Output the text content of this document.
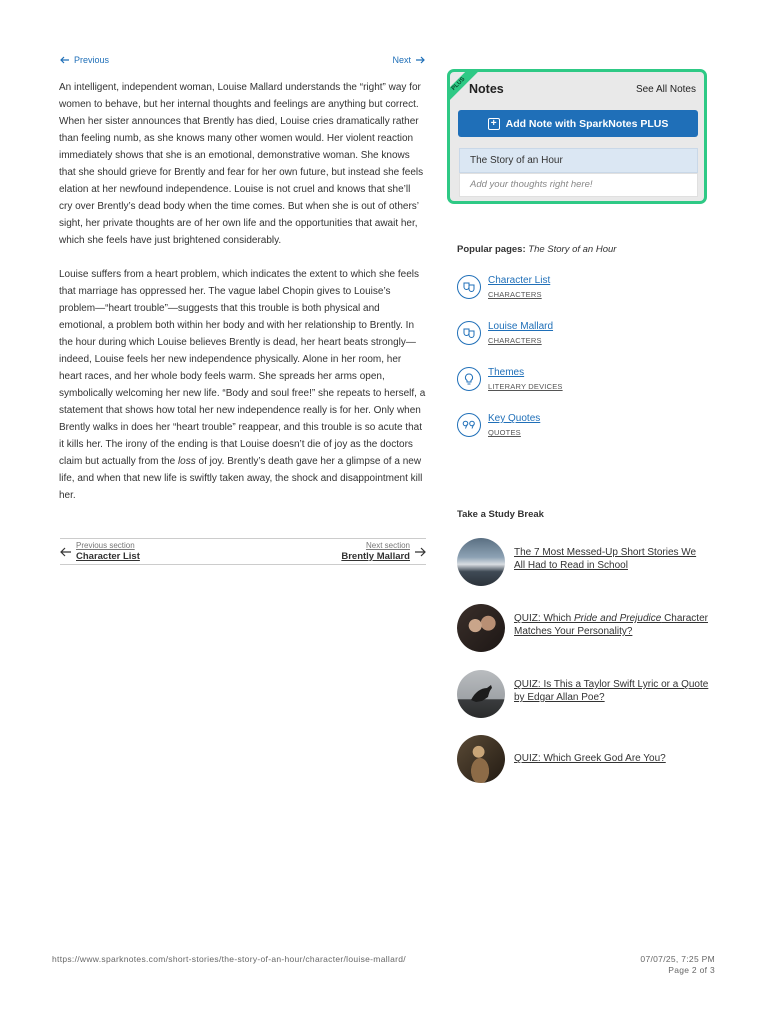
Previous	Next

An intelligent, independent woman, Louise Mallard understands the “right” way for women to behave, but her internal thoughts and feelings are anything but correct. When her sister announces that Brently has died, Louise cries dramatically rather than feeling numb, as she knows many other women would. Her violent reaction immediately shows that she is an emotional, demonstrative woman. She knows that she should grieve for Brently and fear for her own future, but instead she feels elation at her newfound independence. Louise is not cruel and knows that she’ll cry over Brently’s dead body when the time comes. But when she is out of others’ sight, her private thoughts are of her own life and the opportunities that await her, which she feels have just brightened considerably.

Louise suffers from a heart problem, which indicates the extent to which she feels that marriage has oppressed her. The vague label Chopin gives to Louise’s problem—“heart trouble”—suggests that this trouble is both physical and emotional, a problem both within her body and with her relationship to Brently. In the hour during which Louise believes Brently is dead, her heart beats strongly—indeed, Louise feels her new independence physically. Alone in her room, her heart races, and her whole body feels warm. She spreads her arms open, symbolically welcoming her new life. “Body and soul free!” she repeats to herself, a statement that shows how total her new independence really is for her. Only when Brently walks in does her “heart trouble” reappear, and this trouble is so acute that it kills her. The irony of the ending is that Louise doesn’t die of joy as the doctors claim but actually from the loss of joy. Brently’s death gave her a glimpse of a new life, and when that new life is swiftly taken away, the shock and disappointment kill her.

Previous section
Character List
Next section
Brently Mallard
PLUS Notes	See All Notes
+ Add Note with SparkNotes PLUS
The Story of an Hour
Add your thoughts right here!
Popular pages: The Story of an Hour
Character List
CHARACTERS
Louise Mallard
CHARACTERS
Themes
LITERARY DEVICES
Key Quotes
QUOTES
Take a Study Break
The 7 Most Messed-Up Short Stories We All Had to Read in School
QUIZ: Which Pride and Prejudice Character Matches Your Personality?
QUIZ: Is This a Taylor Swift Lyric or a Quote by Edgar Allan Poe?
QUIZ: Which Greek God Are You?
https://www.sparknotes.com/short-stories/the-story-of-an-hour/character/louise-mallard/	07/07/25, 7:25 PM
Page 2 of 3
